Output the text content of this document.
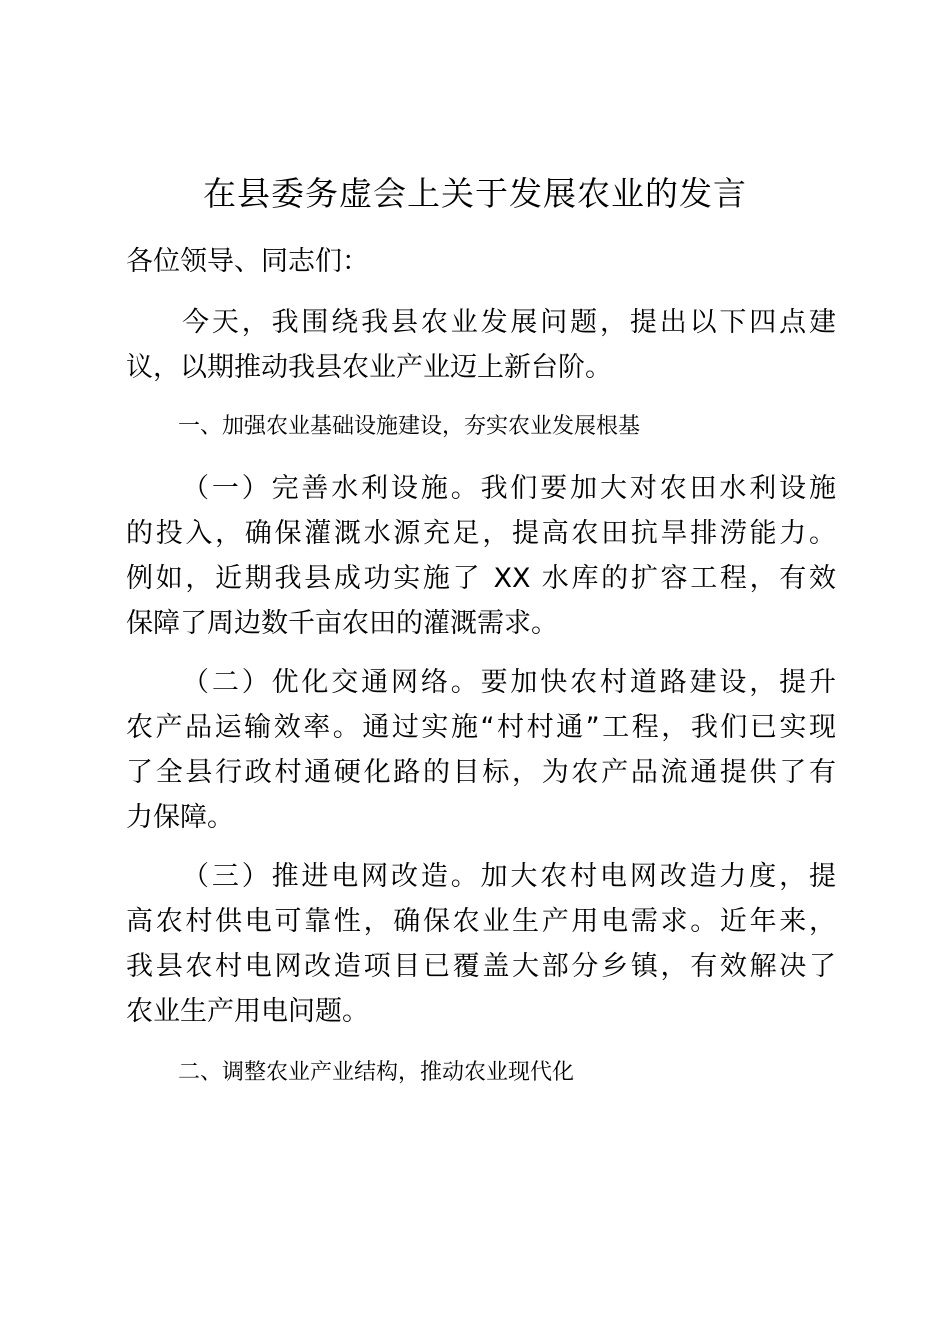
在县委务虚会上关于发展农业的发言
各位领导、同志们：
今天，我围绕我县农业发展问题，提出以下四点建
议，以期推动我县农业产业迈上新台阶。
一、加强农业基础设施建设，夯实农业发展根基
（一）完善水利设施。我们要加大对农田水利设施
的投入，确保灌溉水源充足，提高农田抗旱排涝能力。
例如，近期我县成功实施了 XX 水库的扩容工程，有效
保障了周边数千亩农田的灌溉需求。
（二）优化交通网络。要加快农村道路建设，提升
农产品运输效率。通过实施“村村通”工程，我们已实现
了全县行政村通硬化路的目标，为农产品流通提供了有
力保障。
（三）推进电网改造。加大农村电网改造力度，提
高农村供电可靠性，确保农业生产用电需求。近年来，
我县农村电网改造项目已覆盖大部分乡镇，有效解决了
农业生产用电问题。
二、调整农业产业结构，推动农业现代化
